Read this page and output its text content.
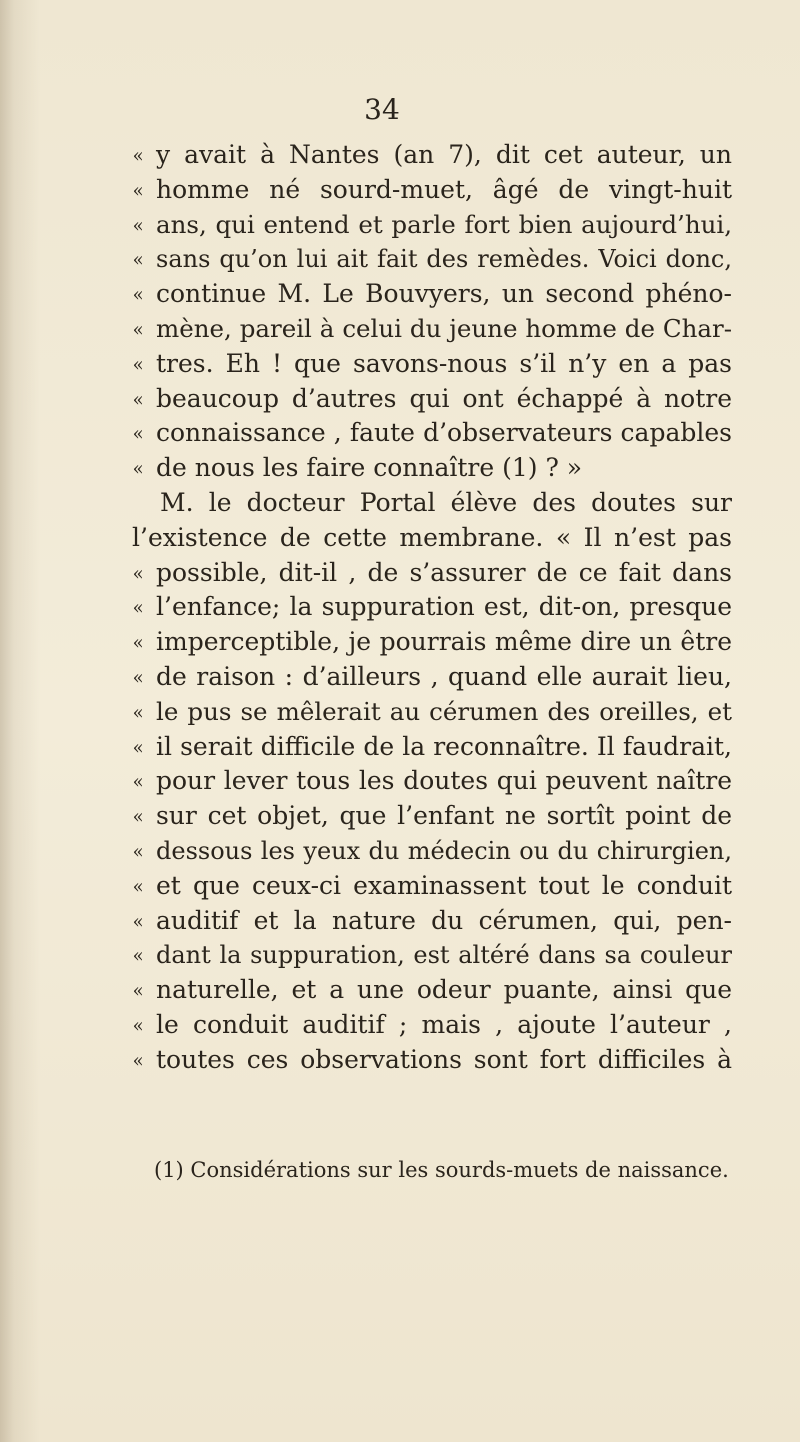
34
« y avait à Nantes (an 7), dit cet auteur, un
« homme né sourd-muet, âgé de vingt-huit
« ans, qui entend et parle fort bien aujourd’hui,
« sans qu’on lui ait fait des remèdes. Voici donc,
« continue M. Le Bouvyers, un second phéno-
« mène, pareil à celui du jeune homme de Char-
« tres. Eh ! que savons-nous s’il n’y en a pas
« beaucoup d’autres qui ont échappé à notre
« connaissance , faute d’observateurs capables
« de nous les faire connaître (1) ? »
M. le docteur Portal élève des doutes sur
l’existence de cette membrane. « Il n’est pas
« possible, dit-il , de s’assurer de ce fait dans
« l’enfance; la suppuration est, dit-on, presque
« imperceptible, je pourrais même dire un être
« de raison : d’ailleurs , quand elle aurait lieu,
« le pus se mêlerait au cérumen des oreilles, et
« il serait difficile de la reconnaître. Il faudrait,
« pour lever tous les doutes qui peuvent naître
« sur cet objet, que l’enfant ne sortît point de
« dessous les yeux du médecin ou du chirurgien,
« et que ceux-ci examinassent tout le conduit
« auditif et la nature du cérumen, qui, pen-
« dant la suppuration, est altéré dans sa couleur
« naturelle, et a une odeur puante, ainsi que
« le conduit auditif ; mais , ajoute l’auteur ,
« toutes ces observations sont fort difficiles à
(1) Considérations sur les sourds-muets de naissance.
